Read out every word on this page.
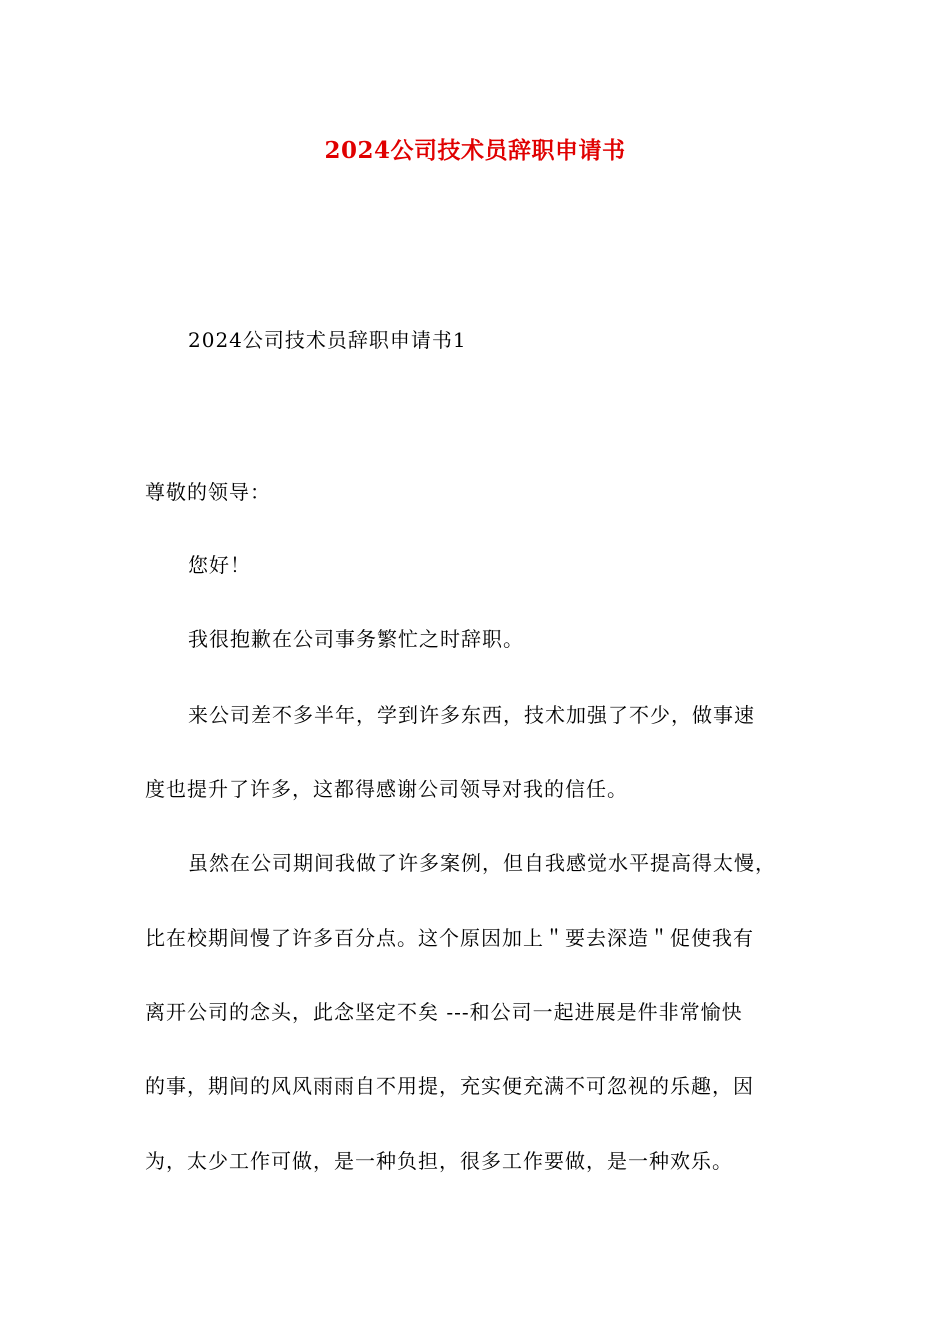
2024公司技术员辞职申请书
2024公司技术员辞职申请书1
尊敬的领导：
您好！
我很抱歉在公司事务繁忙之时辞职。
来公司差不多半年，学到许多东西，技术加强了不少，做事速
度也提升了许多，这都得感谢公司领导对我的信任。
虽然在公司期间我做了许多案例，但自我感觉水平提高得太慢，
比在校期间慢了许多百分点。这个原因加上＂要去深造＂促使我有
离开公司的念头，此念坚定不矣 ---和公司一起进展是件非常愉快
的事，期间的风风雨雨自不用提，充实便充满不可忽视的乐趣，因
为，太少工作可做，是一种负担，很多工作要做，是一种欢乐。
